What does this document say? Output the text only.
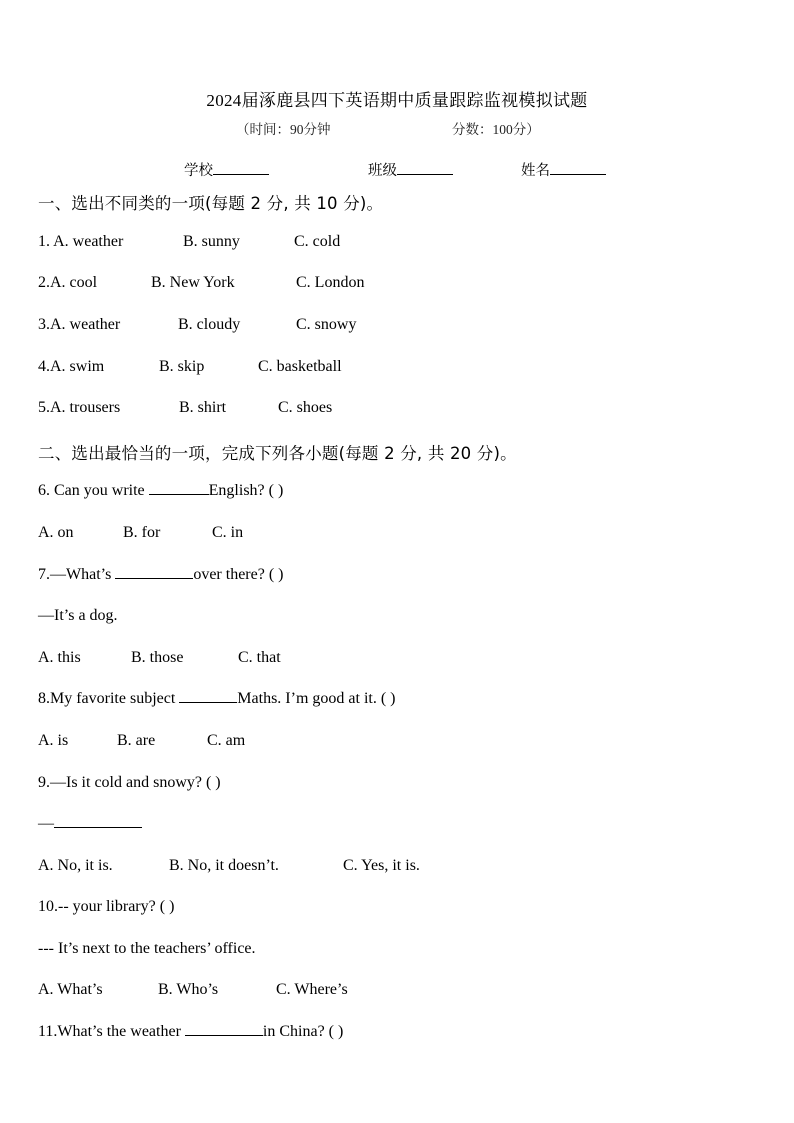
2024届涿鹿县四下英语期中质量跟踪监视模拟试题
（时间：90分钟	分数：100分）
学校	班级	姓名
一、选出不同类的一项(每题 2 分, 共 10 分)。
1. A. weather	B. sunny	C. cold
2.A. cool	B. New York	C. London
3.A. weather	B. cloudy	C. snowy
4.A. swim	B. skip	C. basketball
5.A. trousers	B. shirt	C. shoes
二、选出最恰当的一项，完成下列各小题(每题 2 分, 共 20 分)。
6. Can you write	English? ( )
A. on	B. for	C. in
7.—What’s	over there? ( )
—It’s a dog.
A. this	B. those	C. that
8.My favorite subject	Maths. I’m good at it. ( )
A. is	B. are	C. am
9.—Is it cold and snowy? ( )
—
A. No, it is.	B. No, it doesn’t.	C. Yes, it is.
10.-- your library? ( )
--- It’s next to the teachers’ office.
A. What’s	B. Who’s	C. Where’s
11.What’s the weather	in China? ( )
